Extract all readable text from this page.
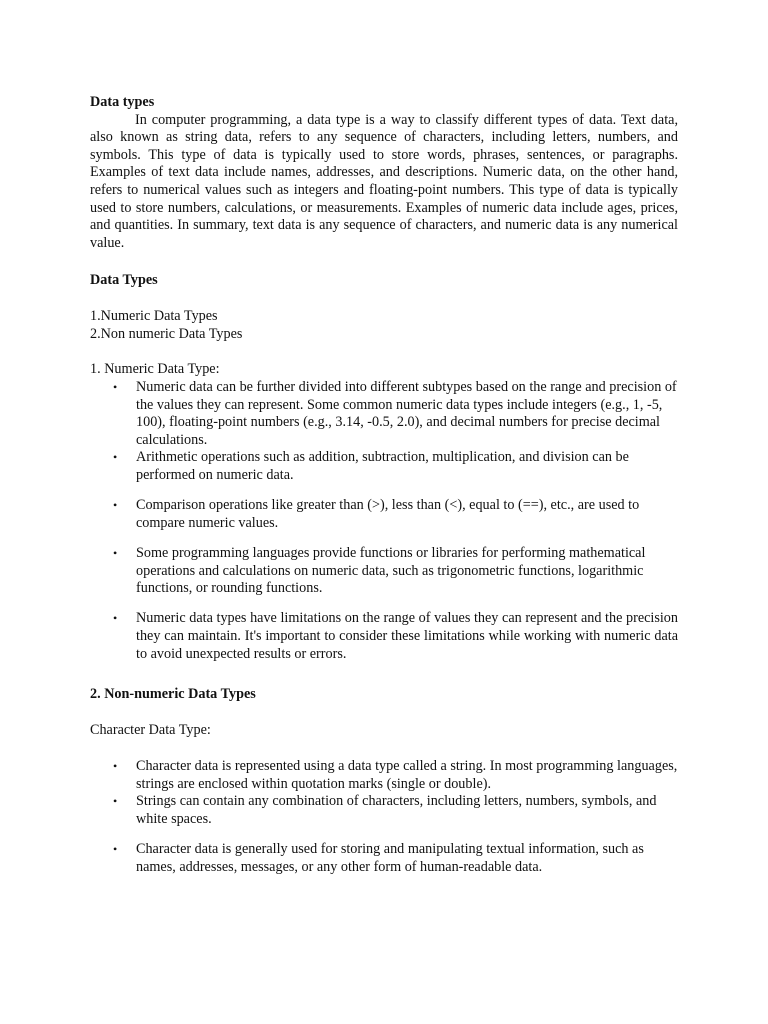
Data types

In computer programming, a data type is a way to classify different types of data. Text data, also known as string data, refers to any sequence of characters, including letters, numbers, and symbols. This type of data is typically used to store words, phrases, sentences, or paragraphs. Examples of text data include names, addresses, and descriptions. Numeric data, on the other hand, refers to numerical values such as integers and floating-point numbers. This type of data is typically used to store numbers, calculations, or measurements. Examples of numeric data include ages, prices, and quantities. In summary, text data is any sequence of characters, and numeric data is any numerical value.

Data Types

1.Numeric Data Types

2.Non numeric Data Types

1. Numeric Data Type:

• Numeric data can be further divided into different subtypes based on the range and precision of the values they can represent. Some common numeric data types include integers (e.g., 1, -5, 100), floating-point numbers (e.g., 3.14, -0.5, 2.0), and decimal numbers for precise decimal calculations.
• Arithmetic operations such as addition, subtraction, multiplication, and division can be performed on numeric data.
• Comparison operations like greater than (>), less than (<), equal to (==), etc., are used to compare numeric values.
• Some programming languages provide functions or libraries for performing mathematical operations and calculations on numeric data, such as trigonometric functions, logarithmic functions, or rounding functions.
• Numeric data types have limitations on the range of values they can represent and the precision they can maintain. It's important to consider these limitations while working with numeric data to avoid unexpected results or errors.

2. Non-numeric Data Types

Character Data Type:

• Character data is represented using a data type called a string. In most programming languages, strings are enclosed within quotation marks (single or double).
• Strings can contain any combination of characters, including letters, numbers, symbols, and white spaces.
• Character data is generally used for storing and manipulating textual information, such as names, addresses, messages, or any other form of human-readable data.
